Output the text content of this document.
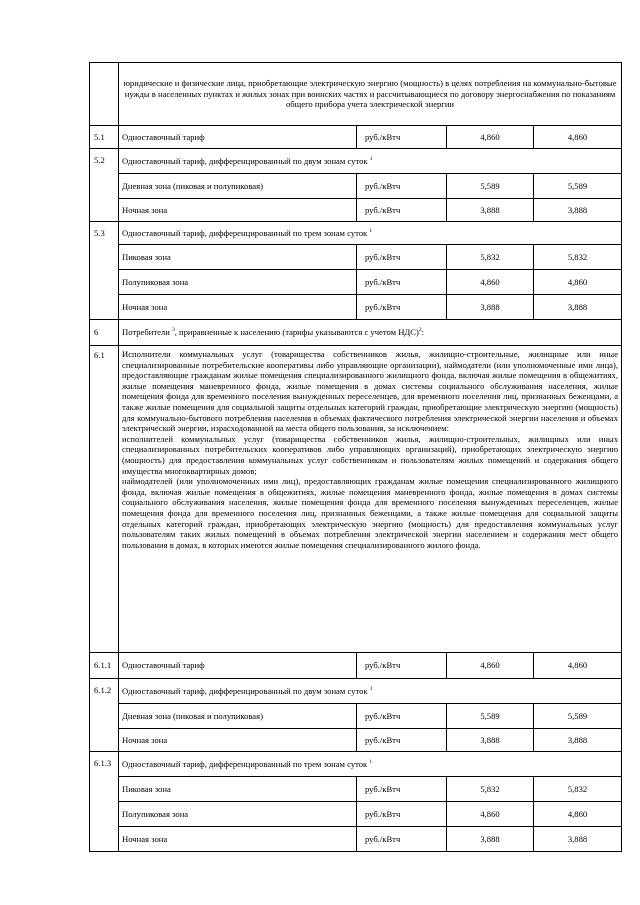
	юридические и физические лица, приобретающие электрическую энергию (мощность) в целях потребления на коммунально-бытовые нужды в населенных пунктах и жилых зонах при воинских частях и рассчитывающиеся по договору энергоснабжения по показаниям общего прибора учета электрической энергии			
5.1	Одноставочный тариф	руб./кВтч	4,860	4,860
5.2	Одноставочный тариф, дифференцированный по двум зонам суток $^1$
	Дневная зона (пиковая и полупиковая)	руб./кВтч	5,589	5,589
	Ночная зона	руб./кВтч	3,888	3,888
5.3	Одноставочный тариф, дифференцированный по трем зонам суток $^1$
	Пиковая зона	руб./кВтч	5,832	5,832
	Полупиковая зона	руб./кВтч	4,860	4,860
	Ночная зона	руб./кВтч	3,888	3,888
6	Потребители $^3$, приравненные к населению (тарифы указываются с учетом НДС)$^2$:			
6.1	Исполнители коммунальных услуг (товарищества собственников жилья, жилищно-строительные, жилищные или иные специализированные потребительские кооперативы либо управляющие организации), наймодатели (или уполномоченные ими лица), предоставляющие гражданам жилые помещения специализированного жилищного фонда, включая жилые помещения в общежитиях, жилые помещения маневренного фонда, жилые помещения в домах системы социального обслуживания населения, жилые помещения фонда для временного поселения вынужденных переселенцев, для временного поселения лиц, признанных беженцами, а также жилые помещения для социальной защиты отдельных категорий граждан, приобретающие электрическую энергию (мощность) для коммунально-бытового потребления населения в объемах фактического потребления электрической энергии населения и объемах электрической энергии, израсходованной на места общего пользования, за исключением:
исполнителей коммунальных услуг (товарищества собственников жилья, жилищно-строительных, жилищных или иных специализированных потребительских кооперативов либо управляющих организаций), приобретающих электрическую энергию (мощность) для предоставления коммунальных услуг собственникам и пользователям жилых помещений и содержания общего имущества многоквартирных домов;
наймодателей (или уполномоченных ими лиц), предоставляющих гражданам жилые помещения специализированного жилищного фонда, включая жилые помещения в общежитиях, жилые помещения маневренного фонда, жилые помещения в домах системы социального обслуживания населения, жилые помещения фонда для временного поселения вынужденных переселенцев, жилые помещения фонда для временного поселения лиц, признанных беженцами, а также жилые помещения для социальной защиты отдельных категорий граждан, приобретающих электрическую энергию (мощность) для предоставления коммунальных услуг пользователям таких жилых помещений в объемах потребления электрической энергии населением и содержания мест общего пользования в домах, в которых имеются жилые помещения специализированного жилого фонда.			

6.1.1	Одноставочный тариф	руб./кВтч	4,860	4,860
6.1.2	Одноставочный тариф, дифференцированный по двум зонам суток $^1$
	Дневная зона (пиковая и полупиковая)	руб./кВтч	5,589	5,589
	Ночная зона	руб./кВтч	3,888	3,888
6.1.3	Одноставочный тариф, дифференцированный по трем зонам суток $^1$
	Пиковая зона	руб./кВтч	5,832	5,832
	Полупиковая зона	руб./кВтч	4,860	4,860
	Ночная зона	руб./кВтч	3,888	3,888
